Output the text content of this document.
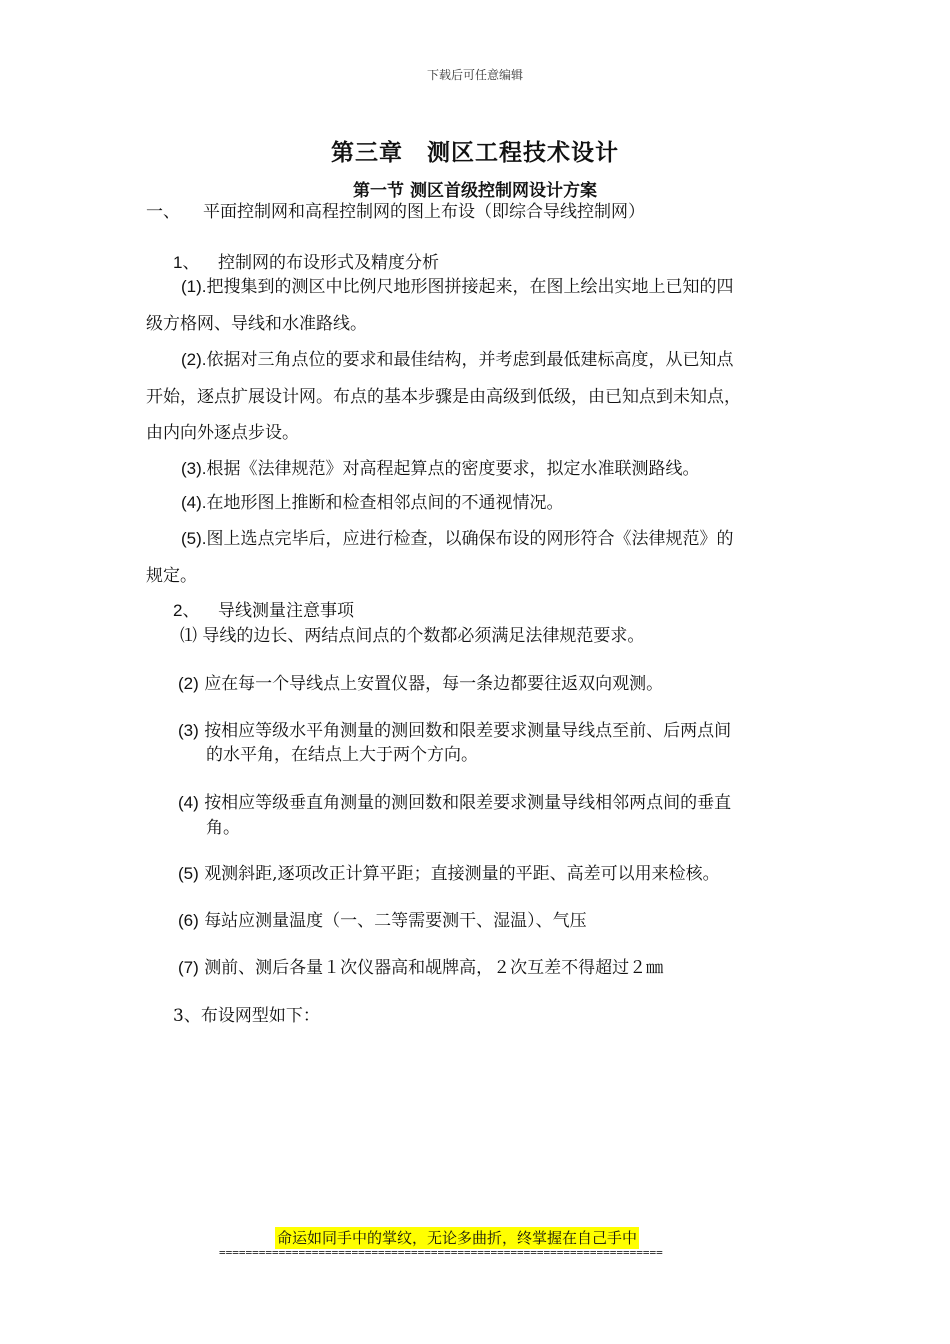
下载后可任意编辑
第三章　测区工程技术设计
第一节 测区首级控制网设计方案
一、 平面控制网和高程控制网的图上布设（即综合导线控制网）
1、 控制网的布设形式及精度分析
(1).把搜集到的测区中比例尺地形图拼接起来，在图上绘出实地上已知的四
级方格网、导线和水准路线。
(2).依据对三角点位的要求和最佳结构，并考虑到最低建标高度，从已知点
开始，逐点扩展设计网。布点的基本步骤是由高级到低级，由已知点到未知点，
由内向外逐点步设。
(3).根据《法律规范》对高程起算点的密度要求，拟定水准联测路线。
(4).在地形图上推断和检查相邻点间的不通视情况。
(5).图上选点完毕后，应进行检查，以确保布设的网形符合《法律规范》的
规定。
2、 导线测量注意事项
⑴ 导线的边长、两结点间点的个数都必须满足法律规范要求。
(2) 应在每一个导线点上安置仪器，每一条边都要往返双向观测。
(3) 按相应等级水平角测量的测回数和限差要求测量导线点至前、后两点间
的水平角，在结点上大于两个方向。
(4) 按相应等级垂直角测量的测回数和限差要求测量导线相邻两点间的垂直
角。
(5) 观测斜距,逐项改正计算平距；直接测量的平距、高差可以用来检核。
(6) 每站应测量温度（一、二等需要测干、湿温）、气压
(7) 测前、测后各量１次仪器高和觇牌高，２次互差不得超过２㎜
3、布设网型如下：
命运如同手中的掌纹，无论多曲折，终掌握在自己手中
===================================================================
